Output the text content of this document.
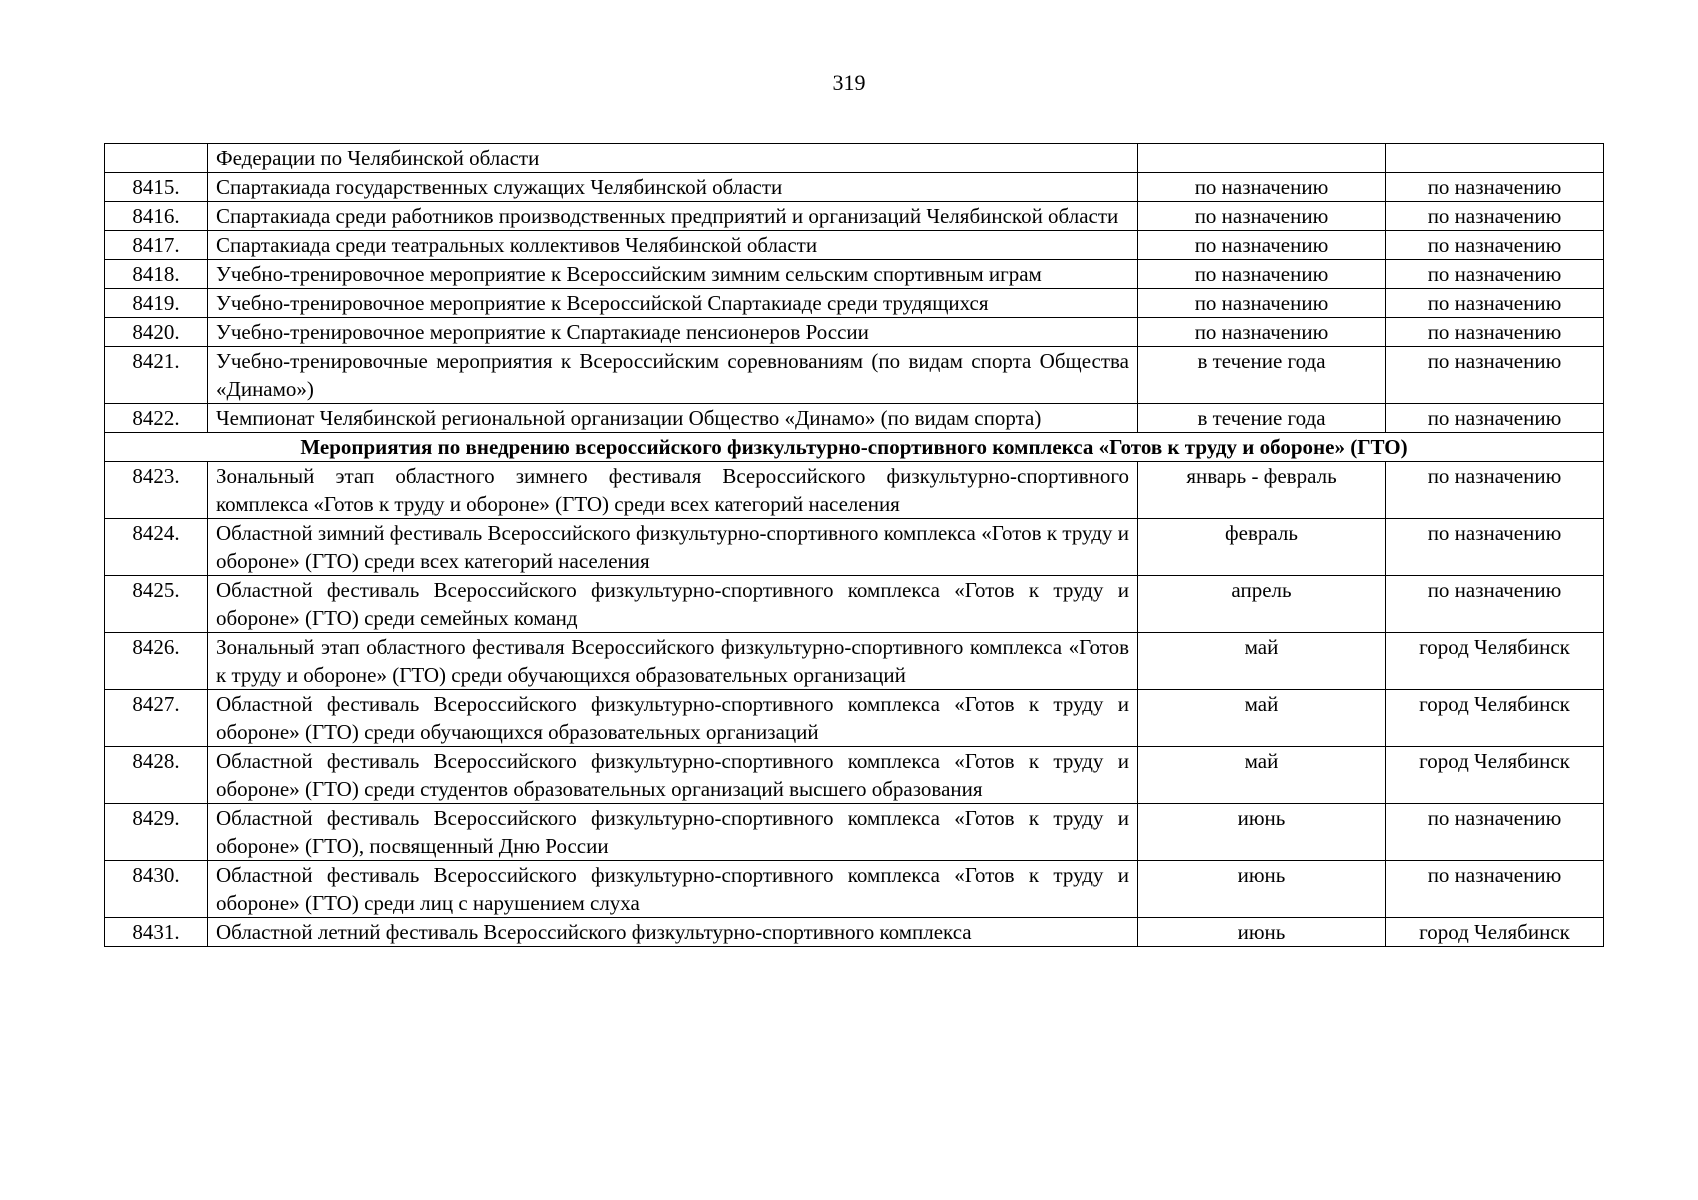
319
	Федерации по Челябинской области		
8415.	Спартакиада государственных служащих Челябинской области	по назначению	по назначению
8416.	Спартакиада среди работников производственных предприятий и организаций Челябинской области	по назначению	по назначению
8417.	Спартакиада среди театральных коллективов Челябинской области	по назначению	по назначению
8418.	Учебно-тренировочное мероприятие к Всероссийским зимним сельским спортивным играм	по назначению	по назначению
8419.	Учебно-тренировочное мероприятие к Всероссийской Спартакиаде среди трудящихся	по назначению	по назначению
8420.	Учебно-тренировочное мероприятие к Спартакиаде пенсионеров России	по назначению	по назначению
8421.	Учебно-тренировочные мероприятия к Всероссийским соревнованиям (по видам спорта Общества «Динамо»)	в течение года	по назначению
8422.	Чемпионат Челябинской региональной организации Общество «Динамо» (по видам спорта)	в течение года	по назначению
Мероприятия по внедрению всероссийского физкультурно-спортивного комплекса «Готов к труду и обороне» (ГТО)			
8423.	Зональный этап областного зимнего фестиваля Всероссийского физкультурно-спортивного комплекса «Готов к труду и обороне» (ГТО) среди всех категорий населения	январь - февраль	по назначению
8424.	Областной зимний фестиваль Всероссийского физкультурно-спортивного комплекса «Готов к труду и обороне» (ГТО) среди всех категорий населения	февраль	по назначению
8425.	Областной фестиваль Всероссийского физкультурно-спортивного комплекса «Готов к труду и обороне» (ГТО) среди семейных команд	апрель	по назначению
8426.	Зональный этап областного фестиваля Всероссийского физкультурно-спортивного комплекса «Готов к труду и обороне» (ГТО) среди обучающихся образовательных организаций	май	город Челябинск
8427.	Областной фестиваль Всероссийского физкультурно-спортивного комплекса «Готов к труду и обороне» (ГТО) среди обучающихся образовательных организаций	май	город Челябинск
8428.	Областной фестиваль Всероссийского физкультурно-спортивного комплекса «Готов к труду и обороне» (ГТО) среди студентов образовательных организаций высшего образования	май	город Челябинск
8429.	Областной фестиваль Всероссийского физкультурно-спортивного комплекса «Готов к труду и обороне» (ГТО), посвященный Дню России	июнь	по назначению
8430.	Областной фестиваль Всероссийского физкультурно-спортивного комплекса «Готов к труду и обороне» (ГТО) среди лиц с нарушением слуха	июнь	по назначению
8431.	Областной летний фестиваль Всероссийского физкультурно-спортивного комплекса	июнь	город Челябинск
